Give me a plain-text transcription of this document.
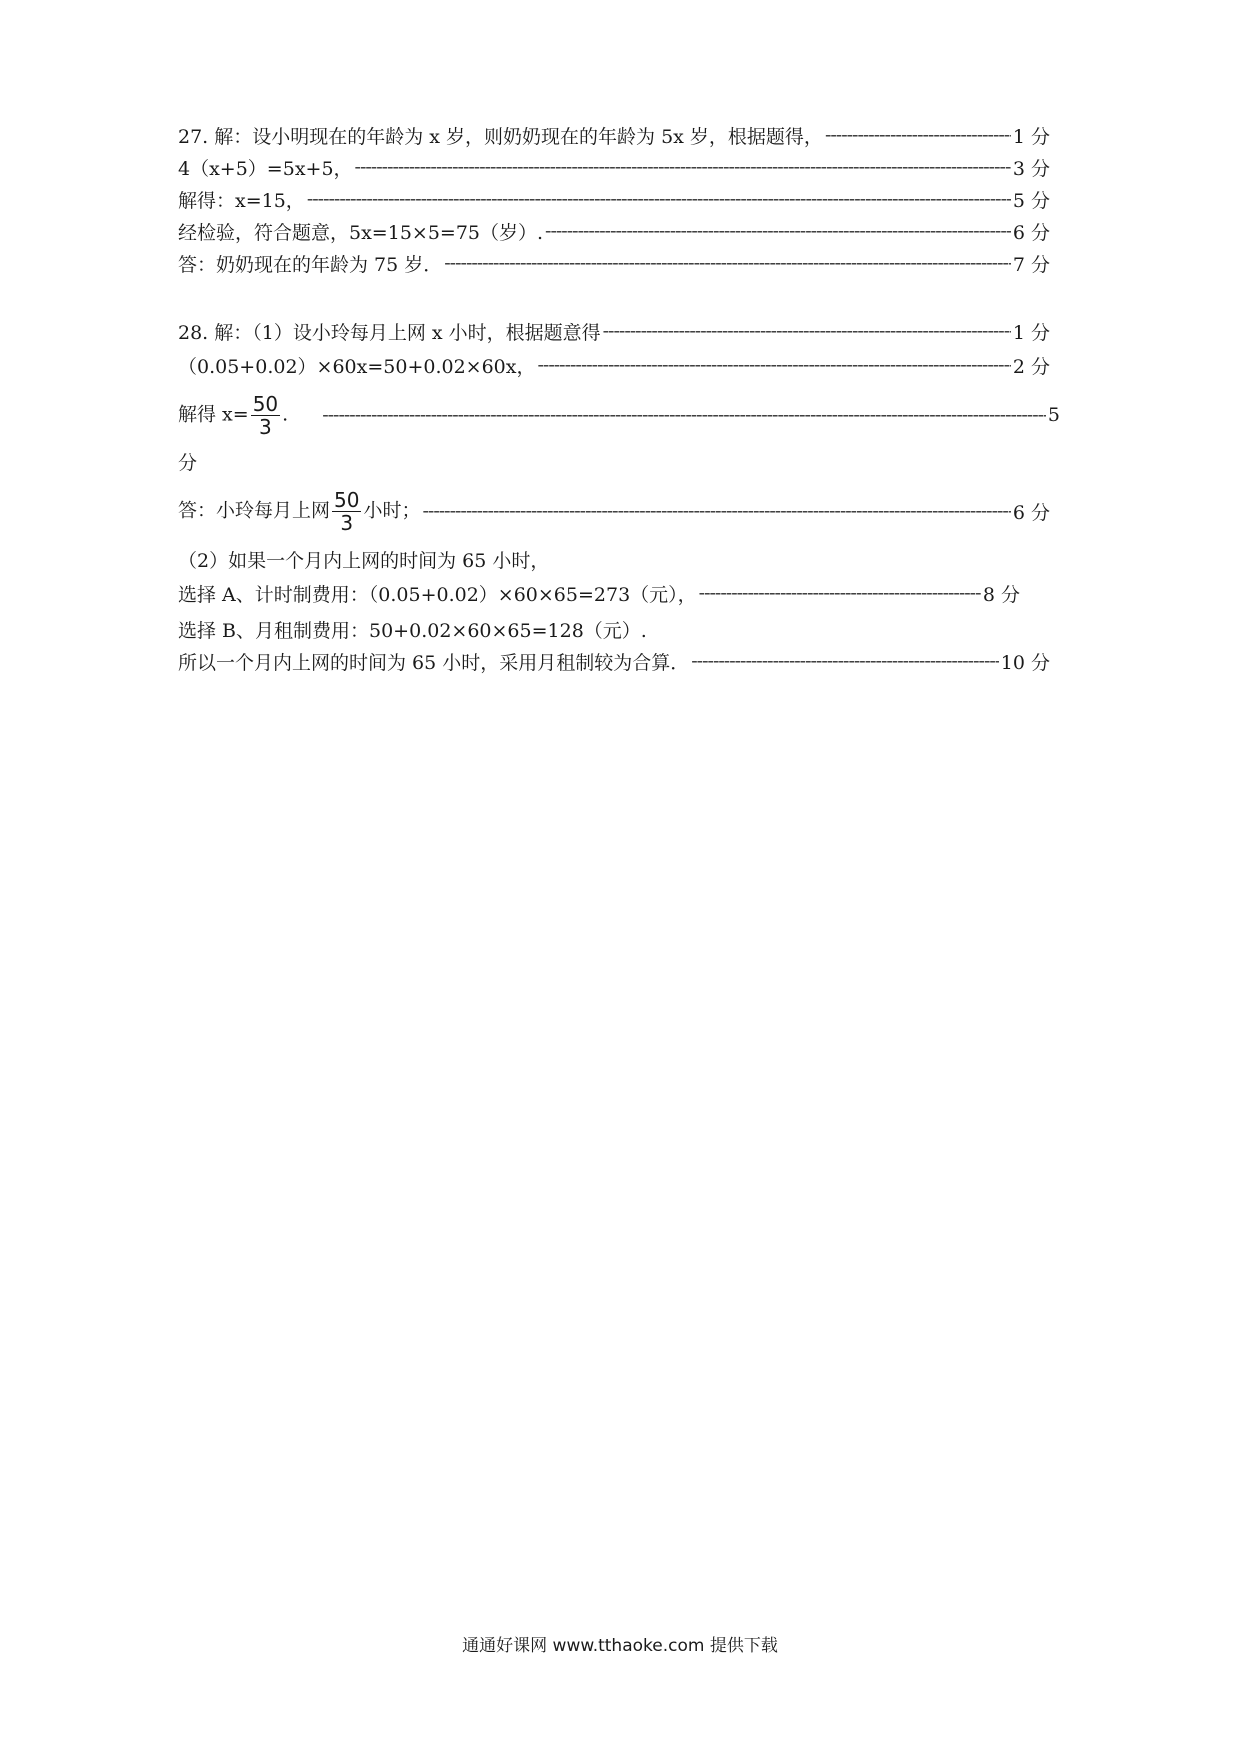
27. 解：设小明现在的年龄为 x 岁，则奶奶现在的年龄为 5x 岁，根据题得， -----	1 分
4（x+5）=5x+5， -----	3 分
解得：x=15， -----	5 分
经检验，符合题意，5x=15×5=75（岁）. -----	6 分
答：奶奶现在的年龄为 75 岁． -----	7 分
28. 解：（1）设小玲每月上网 x 小时，根据题意得 -----	1 分
（0.05+0.02）×60x=50+0.02×60x， -----	2 分
解得 $x= \frac{50}{3}$ . -----	5
分
答：小玲每月上网 $\frac{50}{3}$ 小时； -----	6 分
（2）如果一个月内上网的时间为 65 小时，
选择 A、计时制费用：（0.05+0.02）×60×65=273（元）， -----	8 分
选择 B、月租制费用：50+0.02×60×65=128（元）.
所以一个月内上网的时间为 65 小时，采用月租制较为合算． -----	10 分
通通好课网 www.tthaoke.com 提供下载
